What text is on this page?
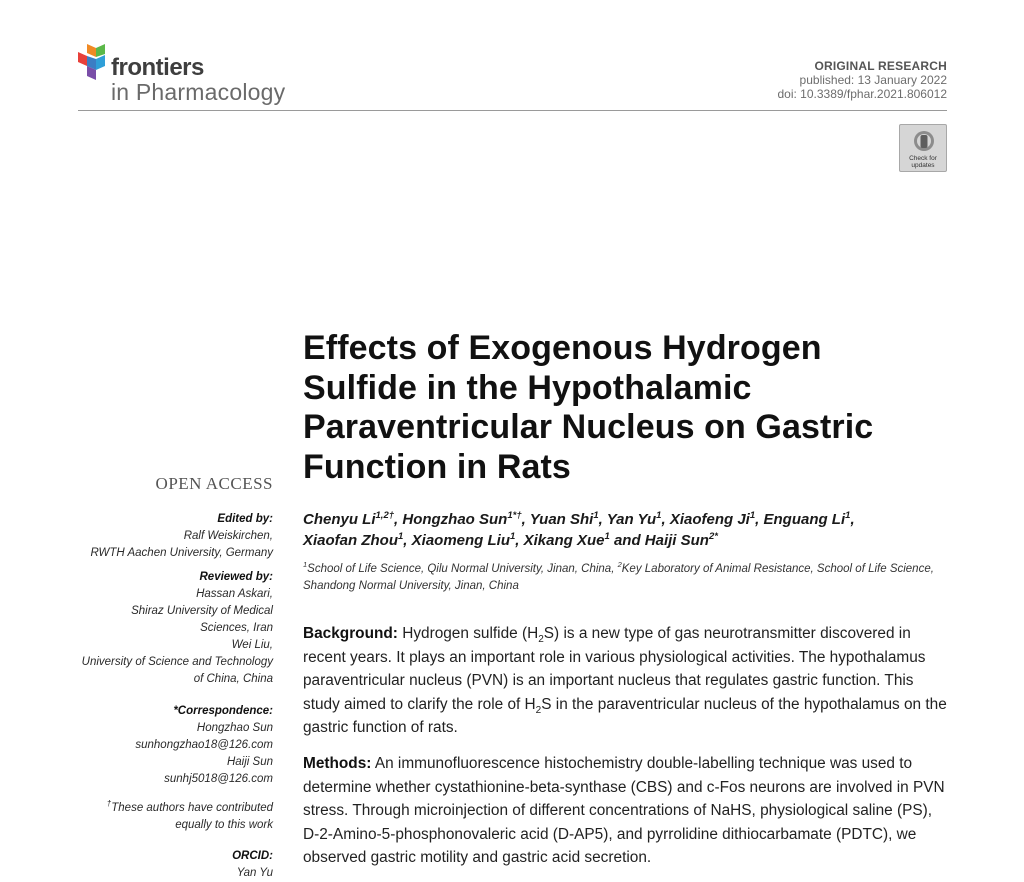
frontiers
in Pharmacology
ORIGINAL RESEARCH
published: 13 January 2022
doi: 10.3389/fphar.2021.806012
Check for
updates
Effects of Exogenous Hydrogen Sulfide in the Hypothalamic Paraventricular Nucleus on Gastric Function in Rats
OPEN ACCESS
Edited by:
Ralf Weiskirchen,
RWTH Aachen University, Germany
Reviewed by:
Hassan Askari,
Shiraz University of Medical
Sciences, Iran
Wei Liu,
University of Science and Technology
of China, China
*Correspondence:
Hongzhao Sun
sunhongzhao18@126.com
Haiji Sun
sunhj5018@126.com
†These authors have contributed
equally to this work
ORCID:
Yan Yu
Chenyu $Li^{1,2\dagger}$, Hongzhao Sun$^{1*\dagger}$, Yuan Shi$^1$, Yan Yu$^1$, Xiaofeng Ji$^1$, Enguang Li$^1$,
Xiaofan Zhou$^1$, Xiaomeng Liu$^1$, Xikang Xue$^1$ and Haiji Sun$^{2*}$
$^1$School of Life Science, Qilu Normal University, Jinan, China, $^2$Key Laboratory of Animal Resistance, School of Life Science, Shandong Normal University, Jinan, China
Background: Hydrogen sulfide $(H_2S)$ is a new type of gas neurotransmitter discovered in recent years. It plays an important role in various physiological activities. The hypothalamus paraventricular nucleus (PVN) is an important nucleus that regulates gastric function. This study aimed to clarify the role of $H_2S$ in the paraventricular nucleus of the hypothalamus on the gastric function of rats.
Methods: An immunofluorescence histochemistry double-labelling technique was used to determine whether cystathionine-beta-synthase (CBS) and c-Fos neurons are involved in PVN stress. Through microinjection of different concentrations of NaHS, physiological saline (PS), D-2-Amino-5-phosphonovaleric acid (D-AP5), and pyrrolidine dithiocarbamate (PDTC), we observed gastric motility and gastric acid secretion.
